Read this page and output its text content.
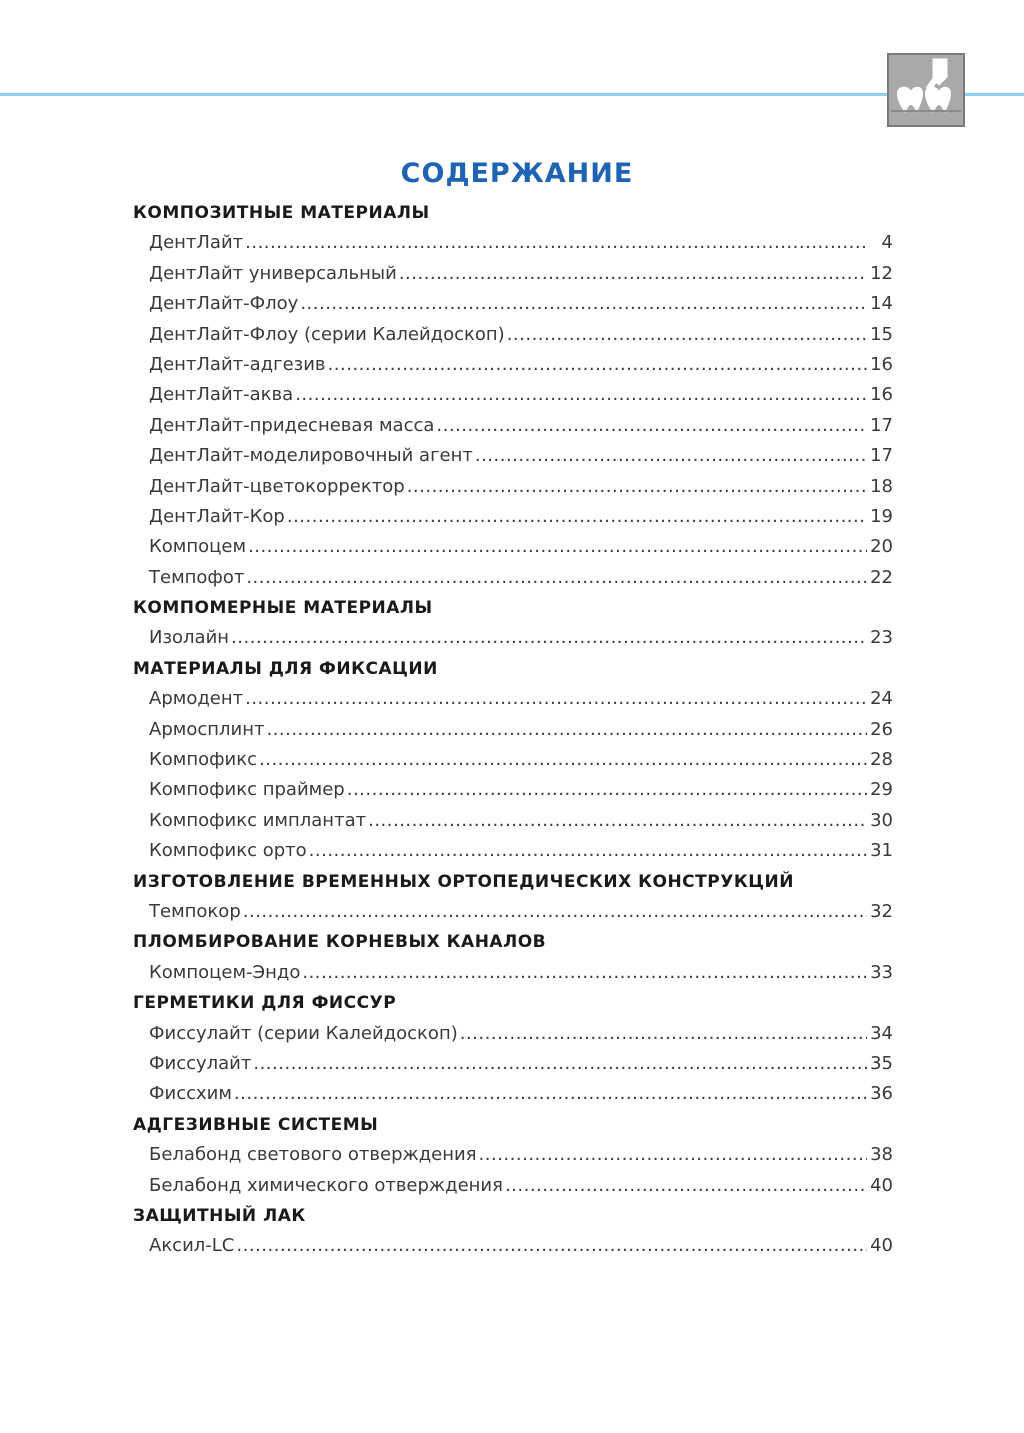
СОДЕРЖАНИЕ
КОМПОЗИТНЫЕ МАТЕРИАЛЫ
ДентЛайт .....	4
ДентЛайт универсальный .....	12
ДентЛайт-Флоу .....	14
ДентЛайт-Флоу (серии Калейдоскоп) .....	15
ДентЛайт-адгезив .....	16
ДентЛайт-аква .....	16
ДентЛайт-придесневая масса .....	17
ДентЛайт-моделировочный агент .....	17
ДентЛайт-цветокорректор .....	18
ДентЛайт-Кор .....	19
Компоцем .....	20
Темпофот .....	22
КОМПОМЕРНЫЕ МАТЕРИАЛЫ
Изолайн .....	23
МАТЕРИАЛЫ ДЛЯ ФИКСАЦИИ
Армодент .....	24
Армосплинт .....	26
Компофикс .....	28
Компофикс праймер .....	29
Компофикс имплантат .....	30
Компофикс орто .....	31
ИЗГОТОВЛЕНИЕ ВРЕМЕННЫХ ОРТОПЕДИЧЕСКИХ КОНСТРУКЦИЙ
Темпокор .....	32
ПЛОМБИРОВАНИЕ КОРНЕВЫХ КАНАЛОВ
Компоцем-Эндо .....	33
ГЕРМЕТИКИ ДЛЯ ФИССУР
Фиссулайт (серии Калейдоскоп) .....	34
Фиссулайт .....	35
Фиссхим .....	36
АДГЕЗИВНЫЕ СИСТЕМЫ
Белабонд светового отверждения .....	38
Белабонд химического отверждения .....	40
ЗАЩИТНЫЙ ЛАК
Аксил-LC .....	40
